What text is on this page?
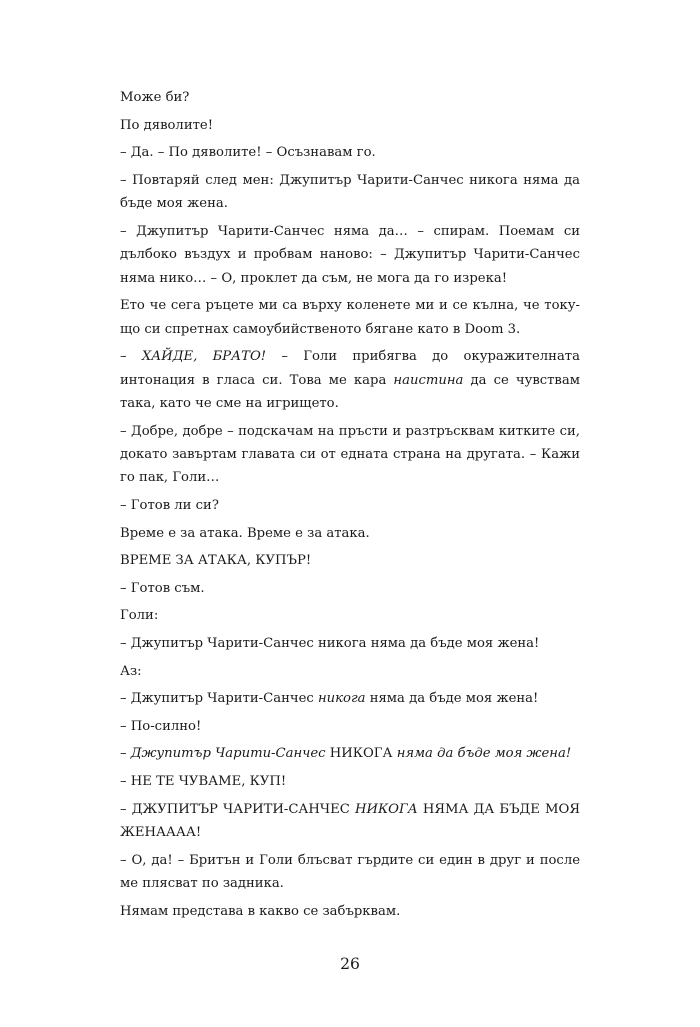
Може би?

По дяволите!

– Да. – По дяволите! – Осъзнавам го.

– Повтаряй след мен: Джупитър Чарити-Санчес никога няма да бъде моя жена.

– Джупитър Чарити-Санчес няма да… – спирам. Поемам си дълбоко въздух и пробвам наново: – Джупитър Чарити-Санчес няма нико… – О, проклет да съм, не мога да го изрека!

Ето че сега ръцете ми са върху коленете ми и се кълна, че току-що си спретнах самоубийственото бягане като в Doom 3.

– ХАЙДЕ, БРАТО! – Голи прибягва до окуражителната интонация в гласа си. Това ме кара наистина да се чувствам така, като че сме на игрището.

– Добре, добре – подскачам на пръсти и разтръсквам китките си, докато завъртам главата си от едната страна на другата. – Кажи го пак, Голи…

– Готов ли си?

Време е за атака. Време е за атака.

ВРЕМЕ ЗА АТАКА, КУПЪР!

– Готов съм.

Голи:

– Джупитър Чарити-Санчес никога няма да бъде моя жена!

Аз:

– Джупитър Чарити-Санчес никога няма да бъде моя жена!

– По-силно!

– Джупитър Чарити-Санчес НИКОГА няма да бъде моя жена!

– НЕ ТЕ ЧУВАМЕ, КУП!

– ДЖУПИТЪР ЧАРИТИ-САНЧЕС НИКОГА НЯМА ДА БЪДЕ МОЯ ЖЕНАААА!

– О, да! – Бритън и Голи блъсват гърдите си един в друг и после ме плясват по задника.

Нямам представа в какво се забърквам.

26
